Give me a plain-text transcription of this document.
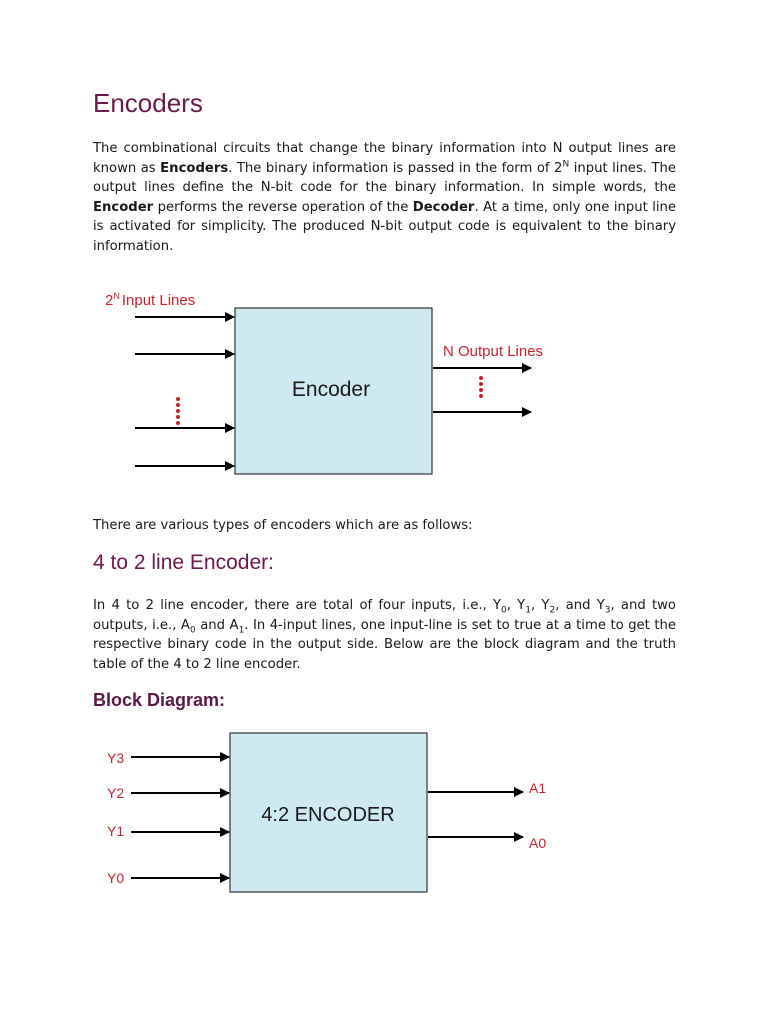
Encoders

The combinational circuits that change the binary information into N output lines are known as Encoders. The binary information is passed in the form of $2^N$ input lines. The output lines define the N-bit code for the binary information. In simple words, the Encoder performs the reverse operation of the Decoder. At a time, only one input line is activated for simplicity. The produced N-bit output code is equivalent to the binary information.

There are various types of encoders which are as follows:

4 to 2 line Encoder:

In 4 to 2 line encoder, there are total of four inputs, i.e., $Y_0$, $Y_1$, $Y_2$, and $Y_3$, and two outputs, i.e., $A_0$ and $A_1$. In 4-input lines, one input-line is set to true at a time to get the respective binary code in the output side. Below are the block diagram and the truth table of the 4 to 2 line encoder.

Block Diagram:
Encoder
$2^N$ Input Lines
N Output Lines
4:2 ENCODER
Y3
Y2
Y1
Y0
A1
A0
